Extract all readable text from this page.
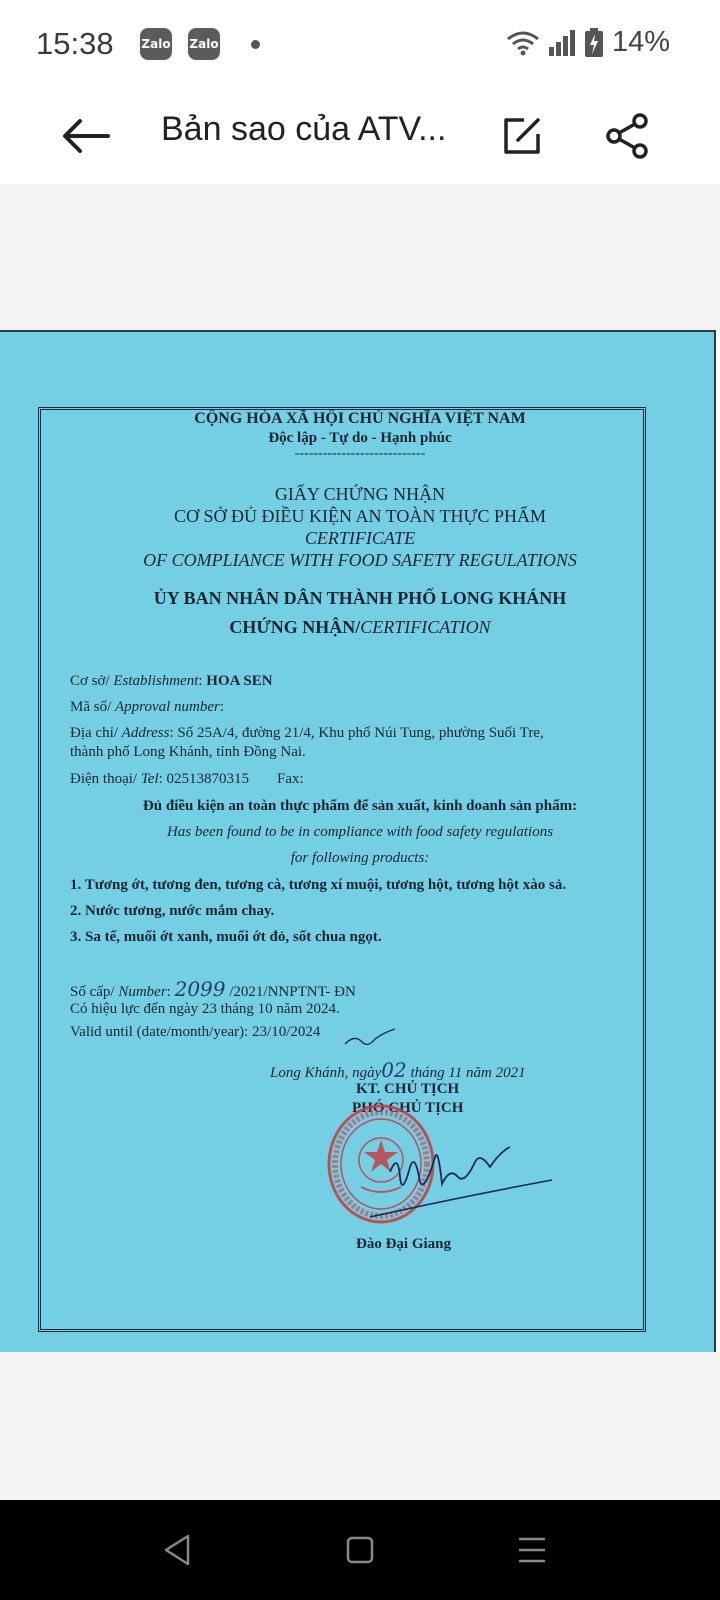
15:38 Zalo Zalo	14%
Bản sao của ATV...
CỘNG HÒA XÃ HỘI CHỦ NGHĨA VIỆT NAM
Độc lập - Tự do - Hạnh phúc
----------------------------
GIẤY CHỨNG NHẬN
CƠ SỞ ĐỦ ĐIỀU KIỆN AN TOÀN THỰC PHẨM
CERTIFICATE
OF COMPLIANCE WITH FOOD SAFETY REGULATIONS
ỦY BAN NHÂN DÂN THÀNH PHỐ LONG KHÁNH
CHỨNG NHẬN/CERTIFICATION
Cơ sở/ Establishment: HOA SEN
Mã số/ Approval number:
Địa chỉ/ Address: Số 25A/4, đường 21/4, Khu phố Núi Tung, phường Suối Tre,
thành phố Long Khánh, tỉnh Đồng Nai.
Điện thoại/ Tel: 02513870315 Fax:
Đủ điều kiện an toàn thực phẩm để sản xuất, kinh doanh sản phẩm:
Has been found to be in compliance with food safety regulations
for following products:
1. Tương ớt, tương đen, tương cà, tương xí muội, tương hột, tương hột xào sả.
2. Nước tương, nước mắm chay.
3. Sa tế, muối ớt xanh, muối ớt đỏ, sốt chua ngọt.
Số cấp/ Number: 2099 /2021/NNPTNT- ĐN
Có hiệu lực đến ngày 23 tháng 10 năm 2024.
Valid until (date/month/year): 23/10/2024
Long Khánh, ngày02 tháng 11 năm 2021
KT. CHỦ TỊCH
PHÓ CHỦ TỊCH
Đào Đại Giang
